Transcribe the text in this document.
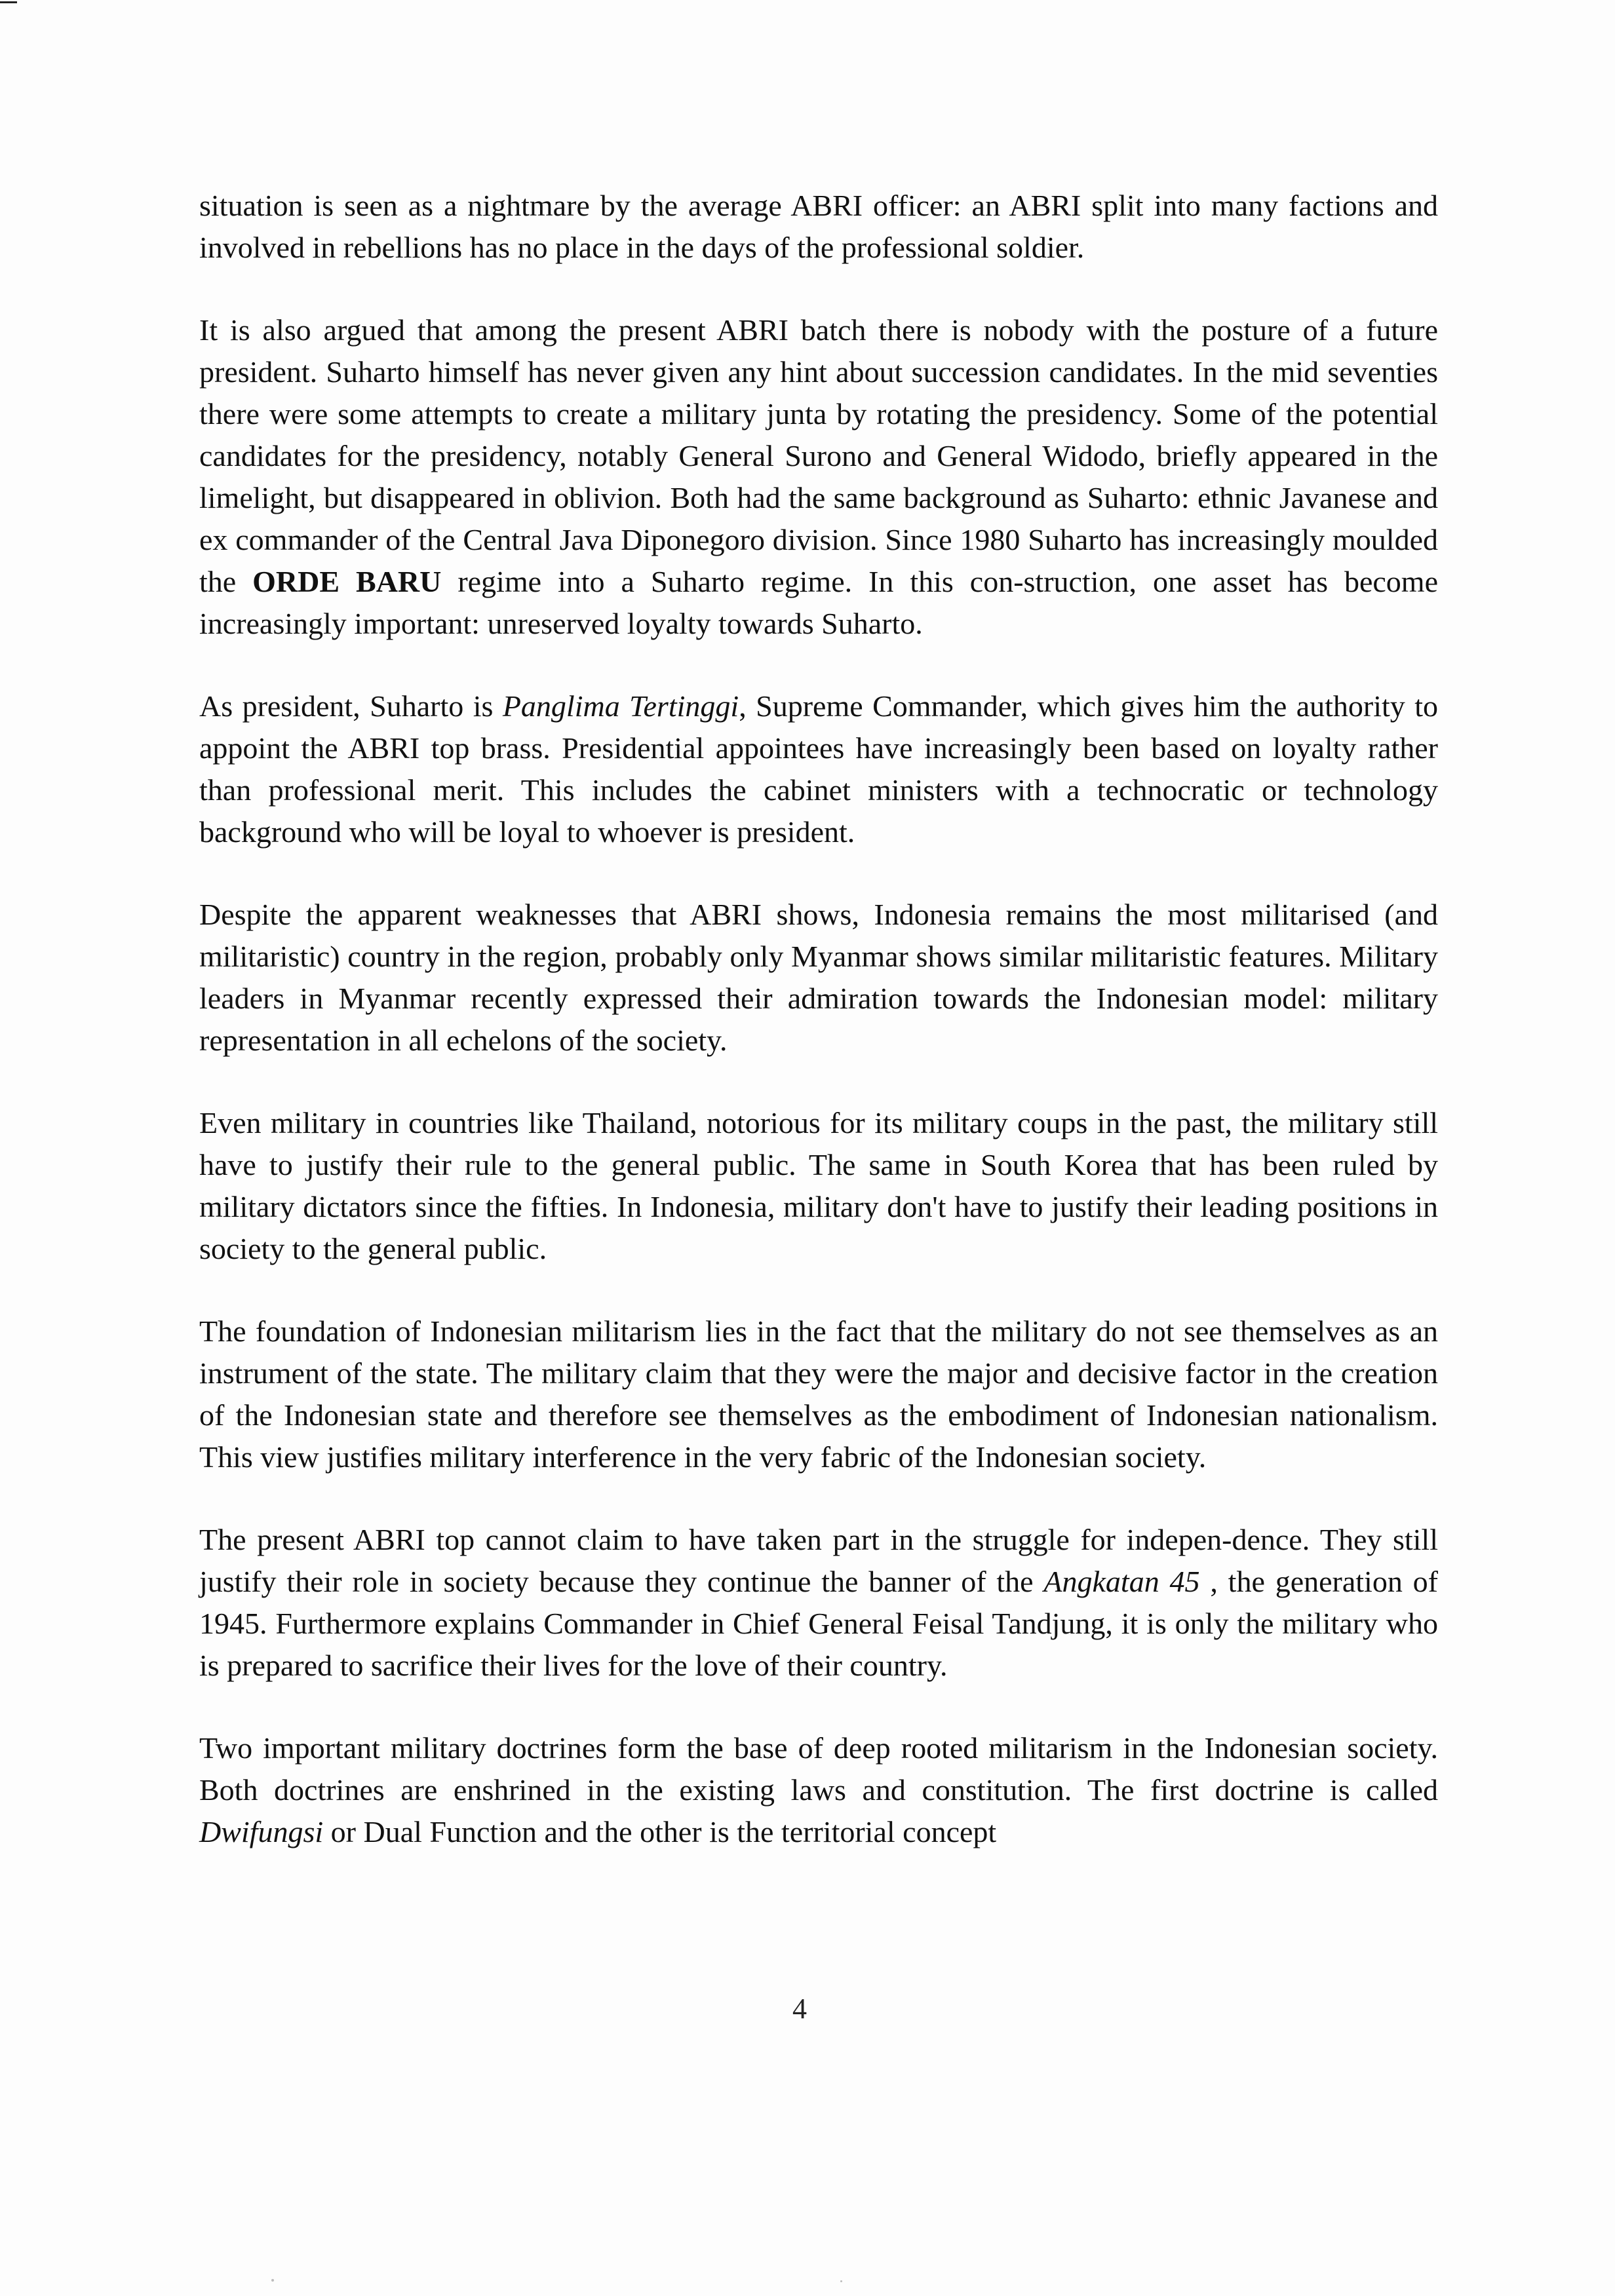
situation is seen as a nightmare by the average ABRI officer: an ABRI split into many factions and involved in rebellions has no place in the days of the professional soldier.

It is also argued that among the present ABRI batch there is nobody with the posture of a future president. Suharto himself has never given any hint about succession candidates. In the mid seventies there were some attempts to create a military junta by rotating the presidency. Some of the potential candidates for the presidency, notably General Surono and General Widodo, briefly appeared in the limelight, but disappeared in oblivion. Both had the same background as Suharto: ethnic Javanese and ex commander of the Central Java Diponegoro division. Since 1980 Suharto has increasingly moulded the ORDE BARU regime into a Suharto regime. In this con-struction, one asset has become increasingly important: unreserved loyalty towards Suharto.

As president, Suharto is Panglima Tertinggi, Supreme Commander, which gives him the authority to appoint the ABRI top brass. Presidential appointees have increasingly been based on loyalty rather than professional merit. This includes the cabinet ministers with a technocratic or technology background who will be loyal to whoever is president.

Despite the apparent weaknesses that ABRI shows, Indonesia remains the most militarised (and militaristic) country in the region, probably only Myanmar shows similar militaristic features. Military leaders in Myanmar recently expressed their admiration towards the Indonesian model: military representation in all echelons of the society.

Even military in countries like Thailand, notorious for its military coups in the past, the military still have to justify their rule to the general public. The same in South Korea that has been ruled by military dictators since the fifties. In Indonesia, military don't have to justify their leading positions in society to the general public.

The foundation of Indonesian militarism lies in the fact that the military do not see themselves as an instrument of the state. The military claim that they were the major and decisive factor in the creation of the Indonesian state and therefore see themselves as the embodiment of Indonesian nationalism. This view justifies military interference in the very fabric of the Indonesian society.

The present ABRI top cannot claim to have taken part in the struggle for indepen-dence. They still justify their role in society because they continue the banner of the Angkatan 45 , the generation of 1945. Furthermore explains Commander in Chief General Feisal Tandjung, it is only the military who is prepared to sacrifice their lives for the love of their country.

Two important military doctrines form the base of deep rooted militarism in the Indonesian society. Both doctrines are enshrined in the existing laws and constitution. The first doctrine is called Dwifungsi or Dual Function and the other is the territorial concept

4
